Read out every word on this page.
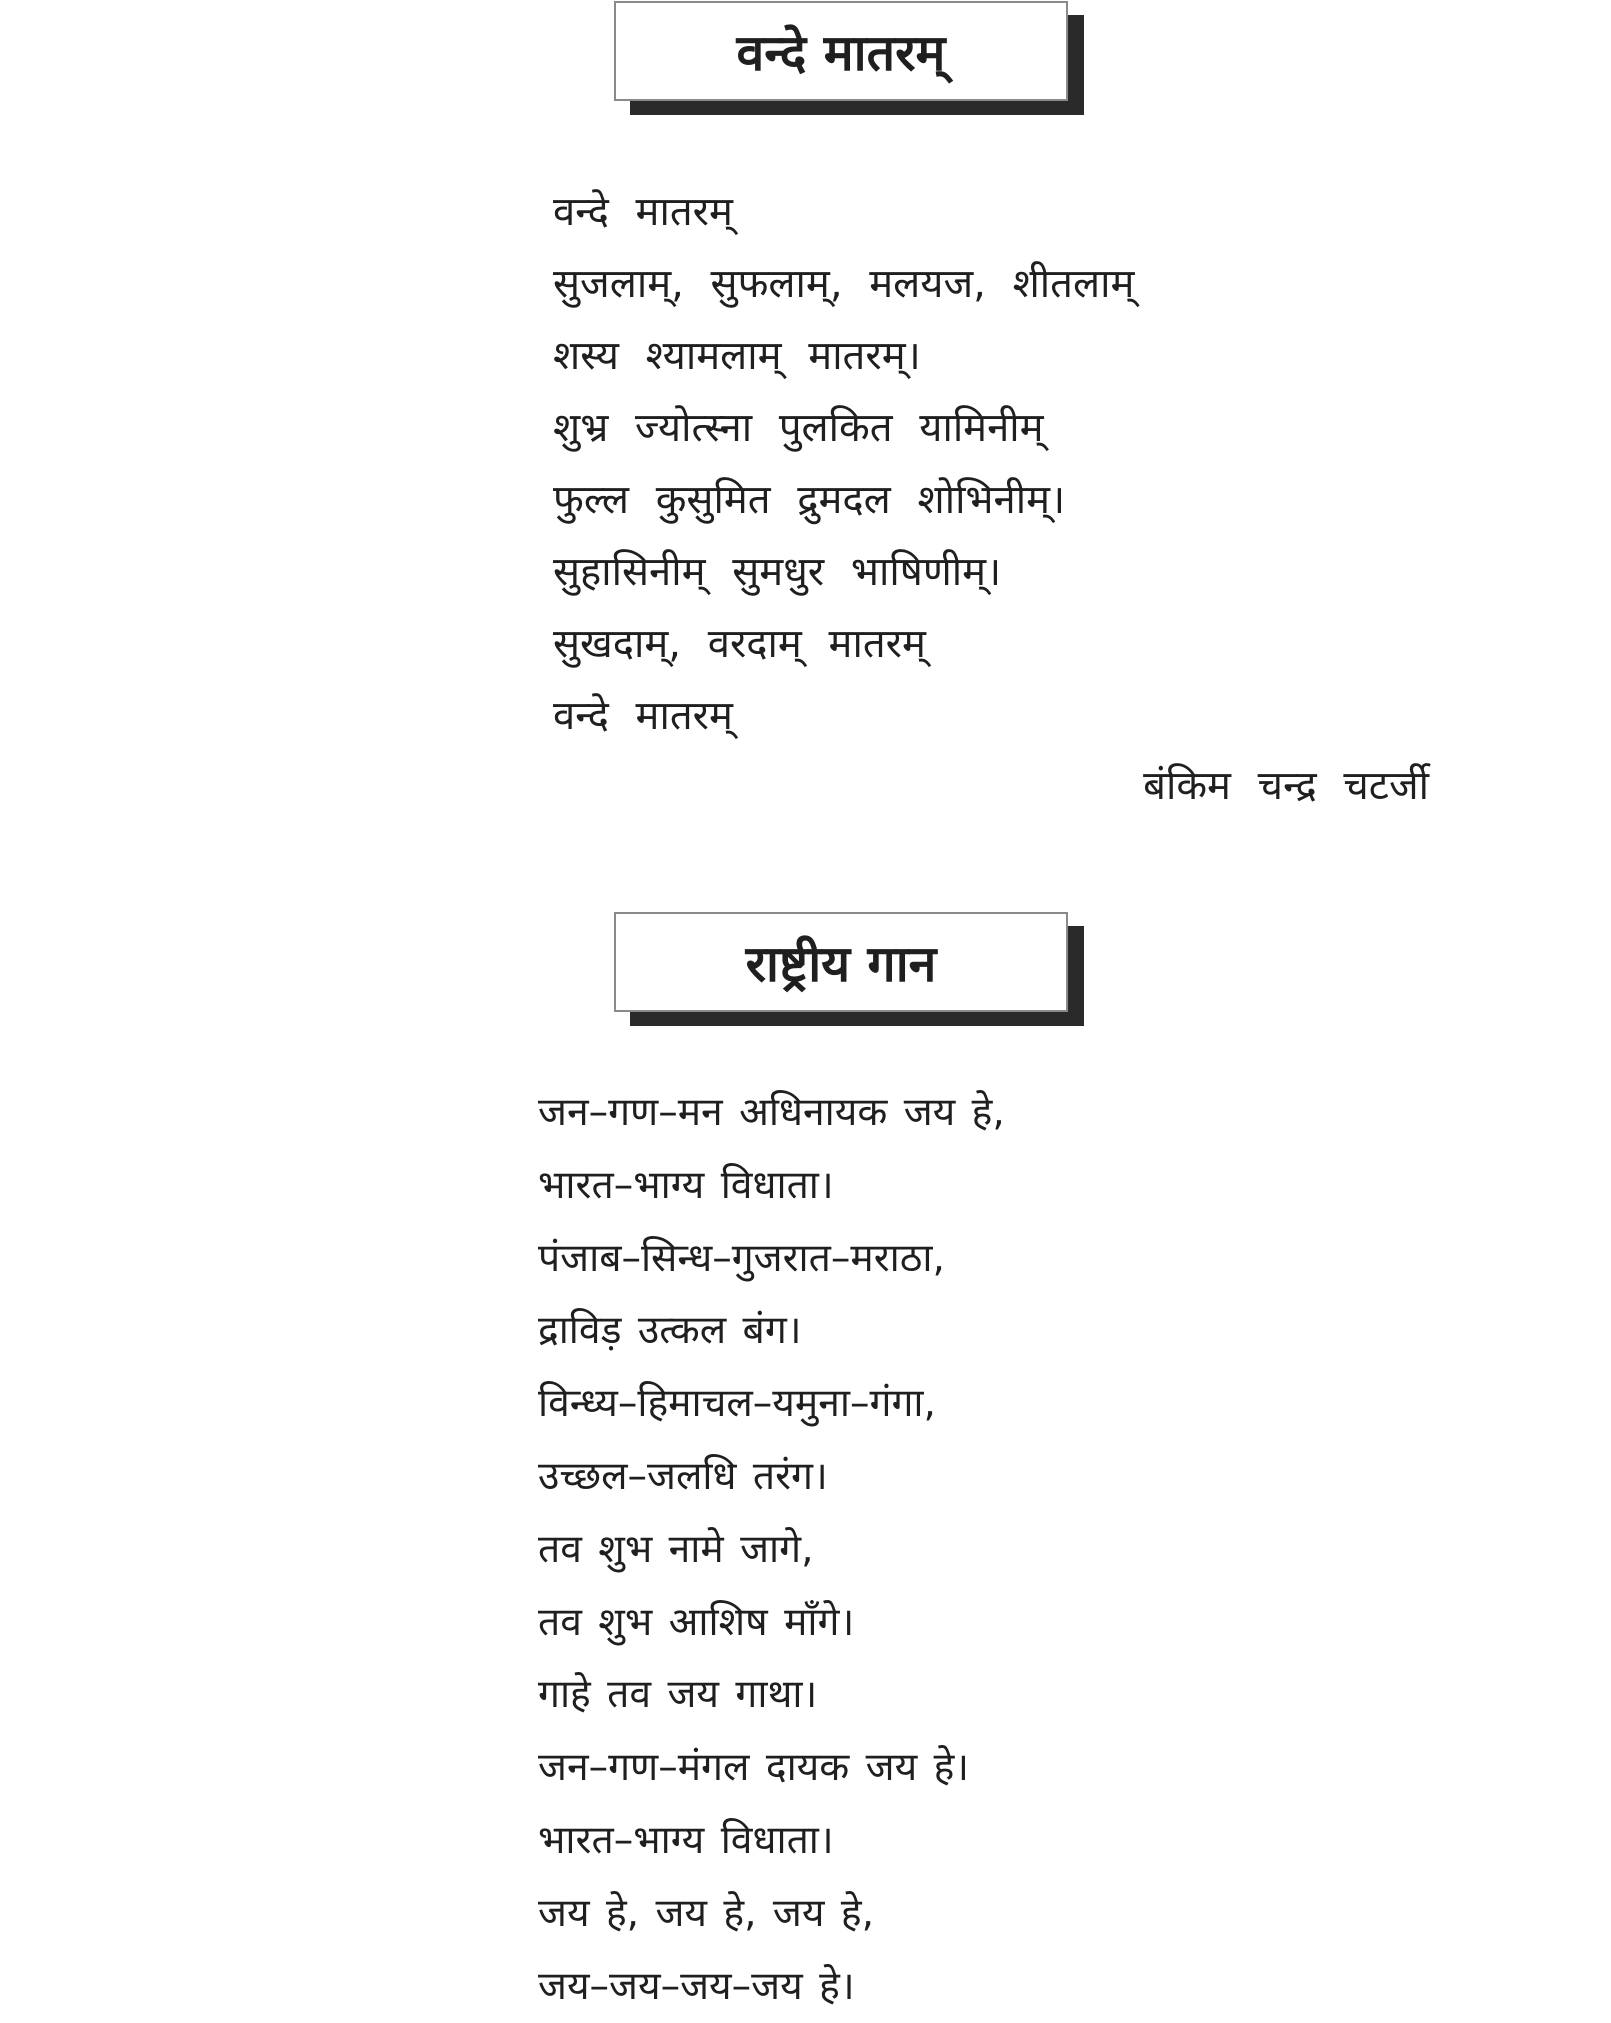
वन्दे मातरम्
वन्दे मातरम्
सुजलाम्, सुफलाम्, मलयज, शीतलाम्
शस्य श्यामलाम् मातरम्।
शुभ्र ज्योत्स्ना पुलकित यामिनीम्
फुल्ल कुसुमित द्रुमदल शोभिनीम्।
सुहासिनीम् सुमधुर भाषिणीम्।
सुखदाम्, वरदाम् मातरम्
वन्दे मातरम्
बंकिम चन्द्र चटर्जी
राष्ट्रीय गान
जन–गण–मन अधिनायक जय हे,
भारत–भाग्य विधाता।
पंजाब–सिन्ध–गुजरात–मराठा,
द्राविड़ उत्कल बंग।
विन्ध्य–हिमाचल–यमुना–गंगा,
उच्छल–जलधि तरंग।
तव शुभ नामे जागे,
तव शुभ आशिष माँगे।
गाहे तव जय गाथा।
जन–गण–मंगल दायक जय हे।
भारत–भाग्य विधाता।
जय हे, जय हे, जय हे,
जय–जय–जय–जय हे।
